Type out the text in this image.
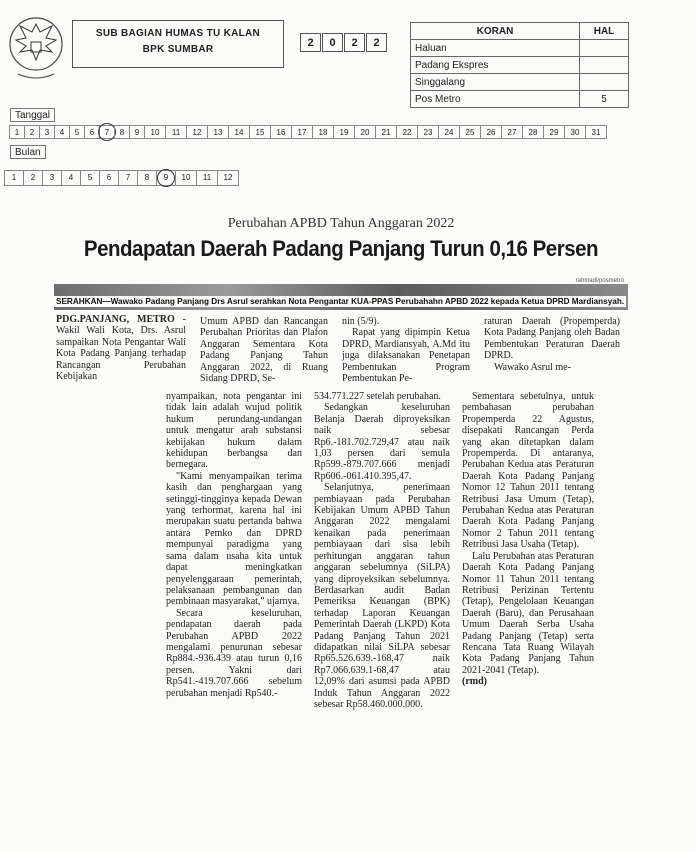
SUB BAGIAN HUMAS TU KALAN
BPK SUMBAR
2	0	2	2
KORAN	HAL
Haluan	
Padang Ekspres	
Singgalang	
Pos Metro	5
Tanggal
1	2	3	4	5	6	7	8	9	10	11	12	13	14	15	16	17	18	19	20	21	22	23	24	25	26	27	28	29	30	31
Bulan
1	2	3	4	5	6	7	8	9	10	11	12
Perubahan APBD Tahun Anggaran 2022
Pendapatan Daerah Padang Panjang Turun 0,16 Persen
rahmadi/posmetro
SERAHKAN—Wawako Padang Panjang Drs Asrul serahkan Nota Pengantar KUA-PPAS Perubahahn APBD 2022 kepada Ketua DPRD Mardiansyah.

PDG.PANJANG, METRO - Wakil Wali Kota, Drs. Asrul sampaikan Nota Pengantar Wali Kota Padang Panjang terhadap Rancangan Perubahan Kebijakan

Umum APBD dan Rancangan Perubahan Prioritas dan Plafon Anggaran Sementara Kota Padang Panjang Tahun Anggaran 2022, di Ruang Sidang DPRD, Se-

nin (5/9).

Rapat yang dipimpin Ketua DPRD, Mardiansyah, A.Md itu juga dilaksanakan Penetapan Pembentukan Program Pembentukan Pe-

raturan Daerah (Propemperda) Kota Padang Panjang oleh Badan Pembentukan Peraturan Daerah DPRD.

Wawako Asrul me-

nyampaikan, nota pengantar ini tidak lain adalah wujud politik hukum perundang-undangan untuk mengatur arah substansi kebijakan hukum dalam kehidupan berbangsa dan bernegara.

"Kami menyampaikan terima kasih dan penghargaan yang setinggi-tingginya kepada Dewan yang terhormat, karena hal ini merupakan suatu pertanda bahwa antara Pemko dan DPRD mempunyai paradigma yang sama dalam usaha kita untuk dapat meningkatkan penyelenggaraan pemerintah, pelaksanaan pembangunan dan pembinaan masyarakat," ujarnya.

Secara keseluruhan, pendapatan daerah pada Perubahan APBD 2022 mengalami penurunan sebesar Rp884.-936.439 atau turun 0,16 persen. Yakni dari Rp541.-419.707.666 sebelum perubahan menjadi Rp540.-

534.771.227 setelah perubahan.

Sedangkan keseluruhan Belanja Daerah diproyeksikan naik sebesar Rp6.-181.702.729,47 atau naik 1,03 persen dari semula Rp599.-879.707.666 menjadi Rp606.-061.410.395,47.

Selanjutnya, penerimaan pembiayaan pada Perubahan Kebijakan Umum APBD Tahun Anggaran 2022 mengalami kenaikan pada penerimaan pembiayaan dari sisa lebih perhitungan anggaran tahun anggaran sebelumnya (SiLPA) yang diproyeksikan sebelumnya. Berdasarkan audit Badan Pemeriksa Keuangan (BPK) terhadap Laporan Keuangan Pemerintah Daerah (LKPD) Kota Padang Panjang Tahun 2021 didapatkan nilai SiLPA sebesar Rp65.526.639.-168,47 naik Rp7.066.639.1-68,47 atau 12,09% dari asumsi pada APBD Induk Tahun Anggaran 2022 sebesar Rp58.460.000.000.

Sementara sebetulnya, untuk pembahasan perubahan Propemperda 22 Agustus, disepakati Rancangan Perda yang akan ditetapkan dalam Propemperda. Di antaranya, Perubahan Kedua atas Peraturan Daerah Kota Padang Panjang Nomor 12 Tahun 2011 tentang Retribusi Jasa Umum (Tetap), Perubahan Kedua atas Peraturan Daerah Kota Padang Panjang Nomor 2 Tahun 2011 tentang Retribusi Jasa Usaha (Tetap).

Lalu Perubahan atas Peraturan Daerah Kota Padang Panjang Nomor 11 Tahun 2011 tentang Retribusi Perizinan Tertentu (Tetap), Pengelolaan Keuangan Daerah (Baru), dan Perusahaan Umum Daerah Serba Usaha Padang Panjang (Tetap) serta Rencana Tata Ruang Wilayah Kota Padang Panjang Tahun 2021-2041 (Tetap).

(rmd)
